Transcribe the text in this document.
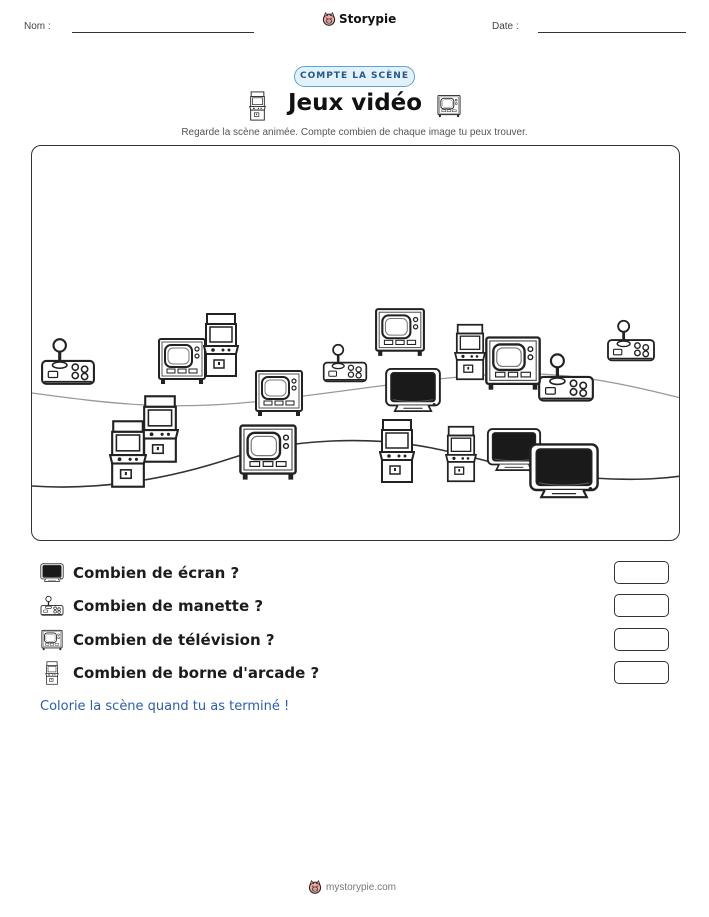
Nom :
Storypie
Date :
COMPTE LA SCÈNE
Jeux vidéo
Regarde la scène animée. Compte combien de chaque image tu peux trouver.
Combien de écran ?
Combien de manette ?
Combien de télévision ?
Combien de borne d'arcade ?
Colorie la scène quand tu as terminé !
mystorypie.com
